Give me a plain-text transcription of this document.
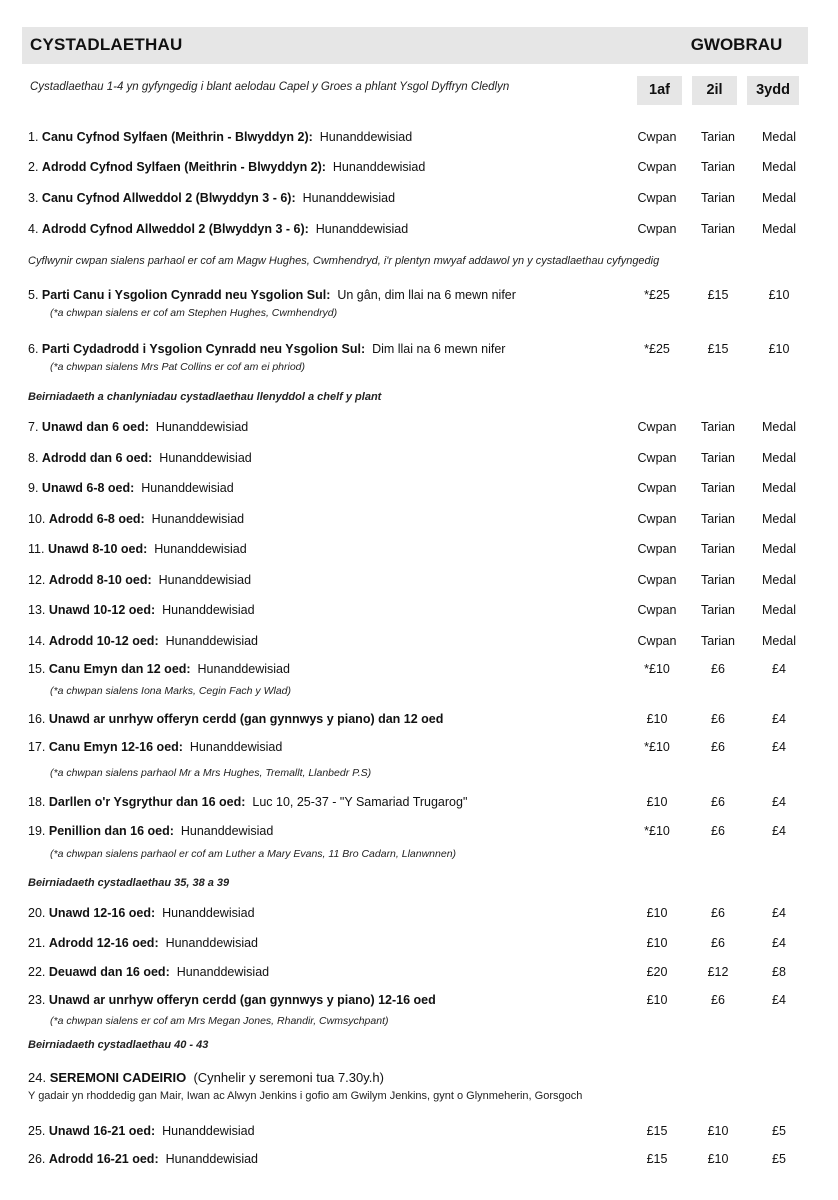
CYSTADLAETHAU	GWOBRAU
Cystadlaethau 1-4 yn gyfyngedig i blant aelodau Capel y Groes a phlant Ysgol Dyffryn Cledlyn	1af	2il	3ydd
1. Canu Cyfnod Sylfaen (Meithrin - Blwyddyn 2): Hunanddewisiad	Cwpan	Tarian	Medal
2. Adrodd Cyfnod Sylfaen (Meithrin - Blwyddyn 2): Hunanddewisiad	Cwpan	Tarian	Medal
3. Canu Cyfnod Allweddol 2 (Blwyddyn 3 - 6): Hunanddewisiad	Cwpan	Tarian	Medal
4. Adrodd Cyfnod Allweddol 2 (Blwyddyn 3 - 6): Hunanddewisiad	Cwpan	Tarian	Medal
5. Parti Canu i Ysgolion Cynradd neu Ysgolion Sul: Un gân, dim llai na 6 mewn nifer	*£25	£15	£10
6. Parti Cydadrodd i Ysgolion Cynradd neu Ysgolion Sul: Dim llai na 6 mewn nifer	*£25	£15	£10
7. Unawd dan 6 oed: Hunanddewisiad	Cwpan	Tarian	Medal
8. Adrodd dan 6 oed: Hunanddewisiad	Cwpan	Tarian	Medal
9. Unawd 6-8 oed: Hunanddewisiad	Cwpan	Tarian	Medal
10. Adrodd 6-8 oed: Hunanddewisiad	Cwpan	Tarian	Medal
11. Unawd 8-10 oed: Hunanddewisiad	Cwpan	Tarian	Medal
12. Adrodd 8-10 oed: Hunanddewisiad	Cwpan	Tarian	Medal
13. Unawd 10-12 oed: Hunanddewisiad	Cwpan	Tarian	Medal
14. Adrodd 10-12 oed: Hunanddewisiad	Cwpan	Tarian	Medal
15. Canu Emyn dan 12 oed: Hunanddewisiad	*£10	£6	£4
16. Unawd ar unrhyw offeryn cerdd (gan gynnwys y piano) dan 12 oed	£10	£6	£4
17. Canu Emyn 12-16 oed: Hunanddewisiad	*£10	£6	£4
18. Darllen o'r Ysgrythur dan 16 oed: Luc 10, 25-37 - "Y Samariad Trugarog"	£10	£6	£4
19. Penillion dan 16 oed: Hunanddewisiad	*£10	£6	£4
20. Unawd 12-16 oed: Hunanddewisiad	£10	£6	£4
21. Adrodd 12-16 oed: Hunanddewisiad	£10	£6	£4
22. Deuawd dan 16 oed: Hunanddewisiad	£20	£12	£8
23. Unawd ar unrhyw offeryn cerdd (gan gynnwys y piano) 12-16 oed	£10	£6	£4
24. SEREMONI CADEIRIO (Cynhelir y seremoni tua 7.30y.h)
25. Unawd 16-21 oed: Hunanddewisiad	£15	£10	£5
26. Adrodd 16-21 oed: Hunanddewisiad	£15	£10	£5
Cyflwynir cwpan sialens parhaol er cof am Magw Hughes, Cwmhendryd, i'r plentyn mwyaf addawol yn y cystadlaethau cyfyngedig
(*a chwpan sialens er cof am Stephen Hughes, Cwmhendryd)
(*a chwpan sialens Mrs Pat Collins er cof am ei phriod)
Beirniadaeth a chanlyniadau cystadlaethau llenyddol a chelf y plant
(*a chwpan sialens Iona Marks, Cegin Fach y Wlad)
(*a chwpan sialens parhaol Mr a Mrs Hughes, Tremallt, Llanbedr P.S)
(*a chwpan sialens parhaol er cof am Luther a Mary Evans, 11 Bro Cadarn, Llanwnnen)
Beirniadaeth cystadlaethau 35, 38 a 39
(*a chwpan sialens er cof am Mrs Megan Jones, Rhandir, Cwmsychpant)
Beirniadaeth cystadlaethau 40 - 43
Y gadair yn rhoddedig gan Mair, Iwan ac Alwyn Jenkins i gofio am Gwilym Jenkins, gynt o Glynmeherin, Gorsgoch
